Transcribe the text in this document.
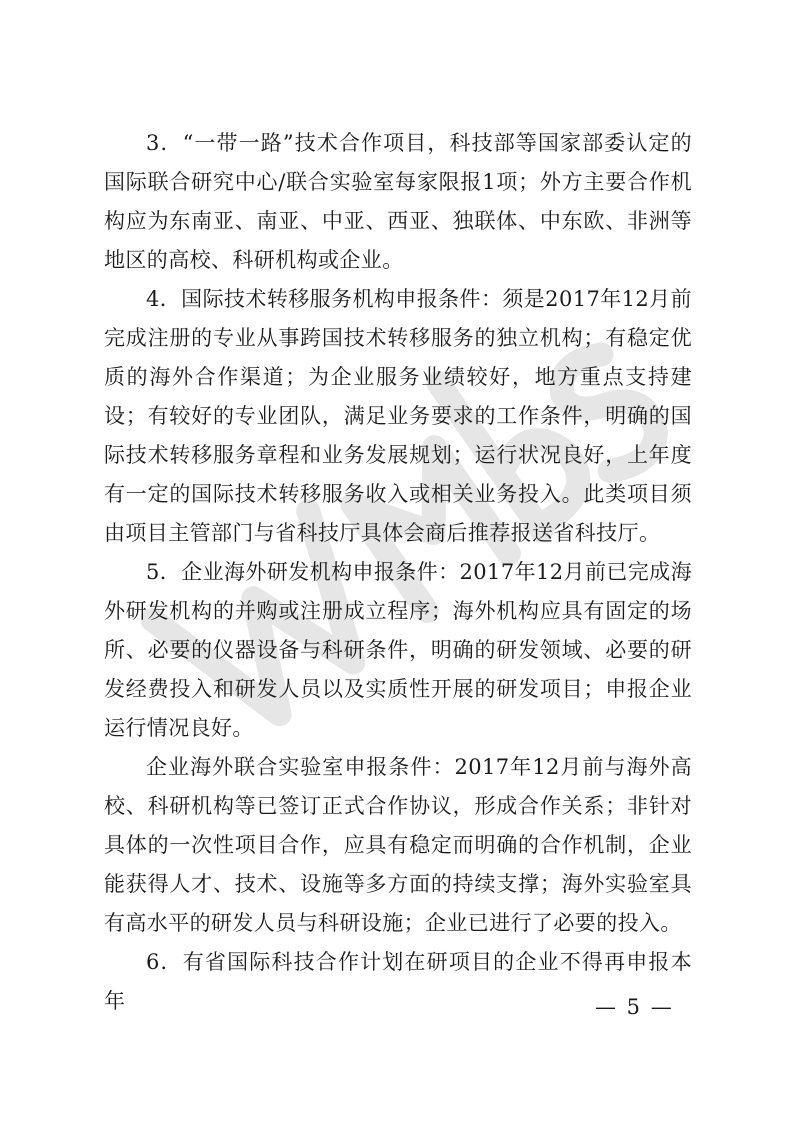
3．“一带一路”技术合作项目，科技部等国家部委认定的国际联合研究中心/联合实验室每家限报1项；外方主要合作机构应为东南亚、南亚、中亚、西亚、独联体、中东欧、非洲等地区的高校、科研机构或企业。

4．国际技术转移服务机构申报条件：须是2017年12月前完成注册的专业从事跨国技术转移服务的独立机构；有稳定优质的海外合作渠道；为企业服务业绩较好，地方重点支持建设；有较好的专业团队，满足业务要求的工作条件，明确的国际技术转移服务章程和业务发展规划；运行状况良好，上年度有一定的国际技术转移服务收入或相关业务投入。此类项目须由项目主管部门与省科技厅具体会商后推荐报送省科技厅。

5．企业海外研发机构申报条件：2017年12月前已完成海外研发机构的并购或注册成立程序；海外机构应具有固定的场所、必要的仪器设备与科研条件，明确的研发领域、必要的研发经费投入和研发人员以及实质性开展的研发项目；申报企业运行情况良好。

企业海外联合实验室申报条件：2017年12月前与海外高校、科研机构等已签订正式合作协议，形成合作关系；非针对具体的一次性项目合作，应具有稳定而明确的合作机制，企业能获得人才、技术、设施等多方面的持续支撑；海外实验室具有高水平的研发人员与科研设施；企业已进行了必要的投入。

6．有省国际科技合作计划在研项目的企业不得再申报本年	— 5 —
